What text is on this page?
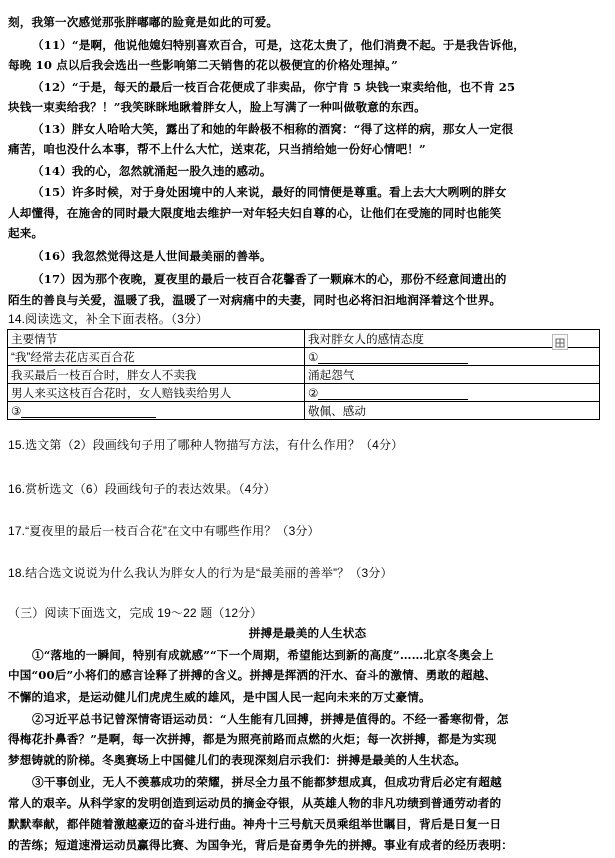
刻，我第一次感觉那张胖嘟嘟的脸竟是如此的可爱。
（11）“是啊，他说他媳妇特别喜欢百合，可是，这花太贵了，他们消费不起。于是我告诉他，
每晚 10 点以后我会选出一些影响第二天销售的花以极便宜的价格处理掉。”
（12）“于是，每天的最后一枝百合花便成了非卖品，你宁肯 5 块钱一束卖给他，也不肯 25
块钱一束卖给我？！”我笑眯眯地瞅着胖女人，脸上写满了一种叫做敬意的东西。
（13）胖女人哈哈大笑，露出了和她的年龄极不相称的酒窝：“得了这样的病，那女人一定很
痛苦，咱也没什么本事，帮不上什么大忙，送束花，只当捎给她一份好心情吧！”
（14）我的心，忽然就涌起一股久违的感动。
（15）许多时候，对于身处困境中的人来说，最好的同情便是尊重。看上去大大咧咧的胖女
人却懂得，在施舍的同时最大限度地去维护一对年轻夫妇自尊的心，让他们在受施的同时也能笑
起来。
（16）我忽然觉得这是人世间最美丽的善举。
（17）因为那个夜晚，夏夜里的最后一枝百合花馨香了一颗麻木的心，那份不经意间遗出的
陌生的善良与关爱，温暖了我，温暖了一对病痛中的夫妻，同时也必将汩汩地润泽着这个世界。
14.阅读选文，补全下面表格。（3分）
主要情节	我对胖女人的感情态度
“我”经常去花店买百合花	①
我买最后一枝百合时，胖女人不卖我	涌起怨气
男人来买这枝百合花时，女人赔钱卖给男人	②
③	敬佩、感动
15.选文第（2）段画线句子用了哪种人物描写方法，有什么作用？（4分）
16.赏析选文（6）段画线句子的表达效果。（4分）
17.“夏夜里的最后一枝百合花”在文中有哪些作用？（3分）
18.结合选文说说为什么我认为胖女人的行为是“最美丽的善举”？（3分）
（三）阅读下面选文，完成 19～22 题（12分）
拼搏是最美的人生状态
①“落地的一瞬间，特别有成就感”“下一个周期，希望能达到新的高度”……北京冬奥会上
中国“00后”小将们的感言诠释了拼搏的含义。拼搏是挥洒的汗水、奋斗的激情、勇敢的超越、
不懈的追求，是运动健儿们虎虎生威的雄风，是中国人民一起向未来的万丈豪情。
②习近平总书记曾深情寄语运动员：“人生能有几回搏，拼搏是值得的。不经一番寒彻骨，怎
得梅花扑鼻香？”是啊，每一次拼搏，都是为照亮前路而点燃的火炬；每一次拼搏，都是为实现
梦想铸就的阶梯。冬奥赛场上中国健儿们的表现深刻启示我们：拼搏是最美的人生状态。
③干事创业，无人不羡慕成功的荣耀，拼尽全力虽不能都梦想成真，但成功背后必定有超越
常人的艰辛。从科学家的发明创造到运动员的摘金夺银，从英雄人物的非凡功绩到普通劳动者的
默默奉献，都伴随着激越豪迈的奋斗进行曲。神舟十三号航天员乘组举世瞩目，背后是日复一日
的苦练；短道速滑运动员赢得比赛、为国争光，背后是奋勇争先的拼搏。事业有成者的经历表明：
